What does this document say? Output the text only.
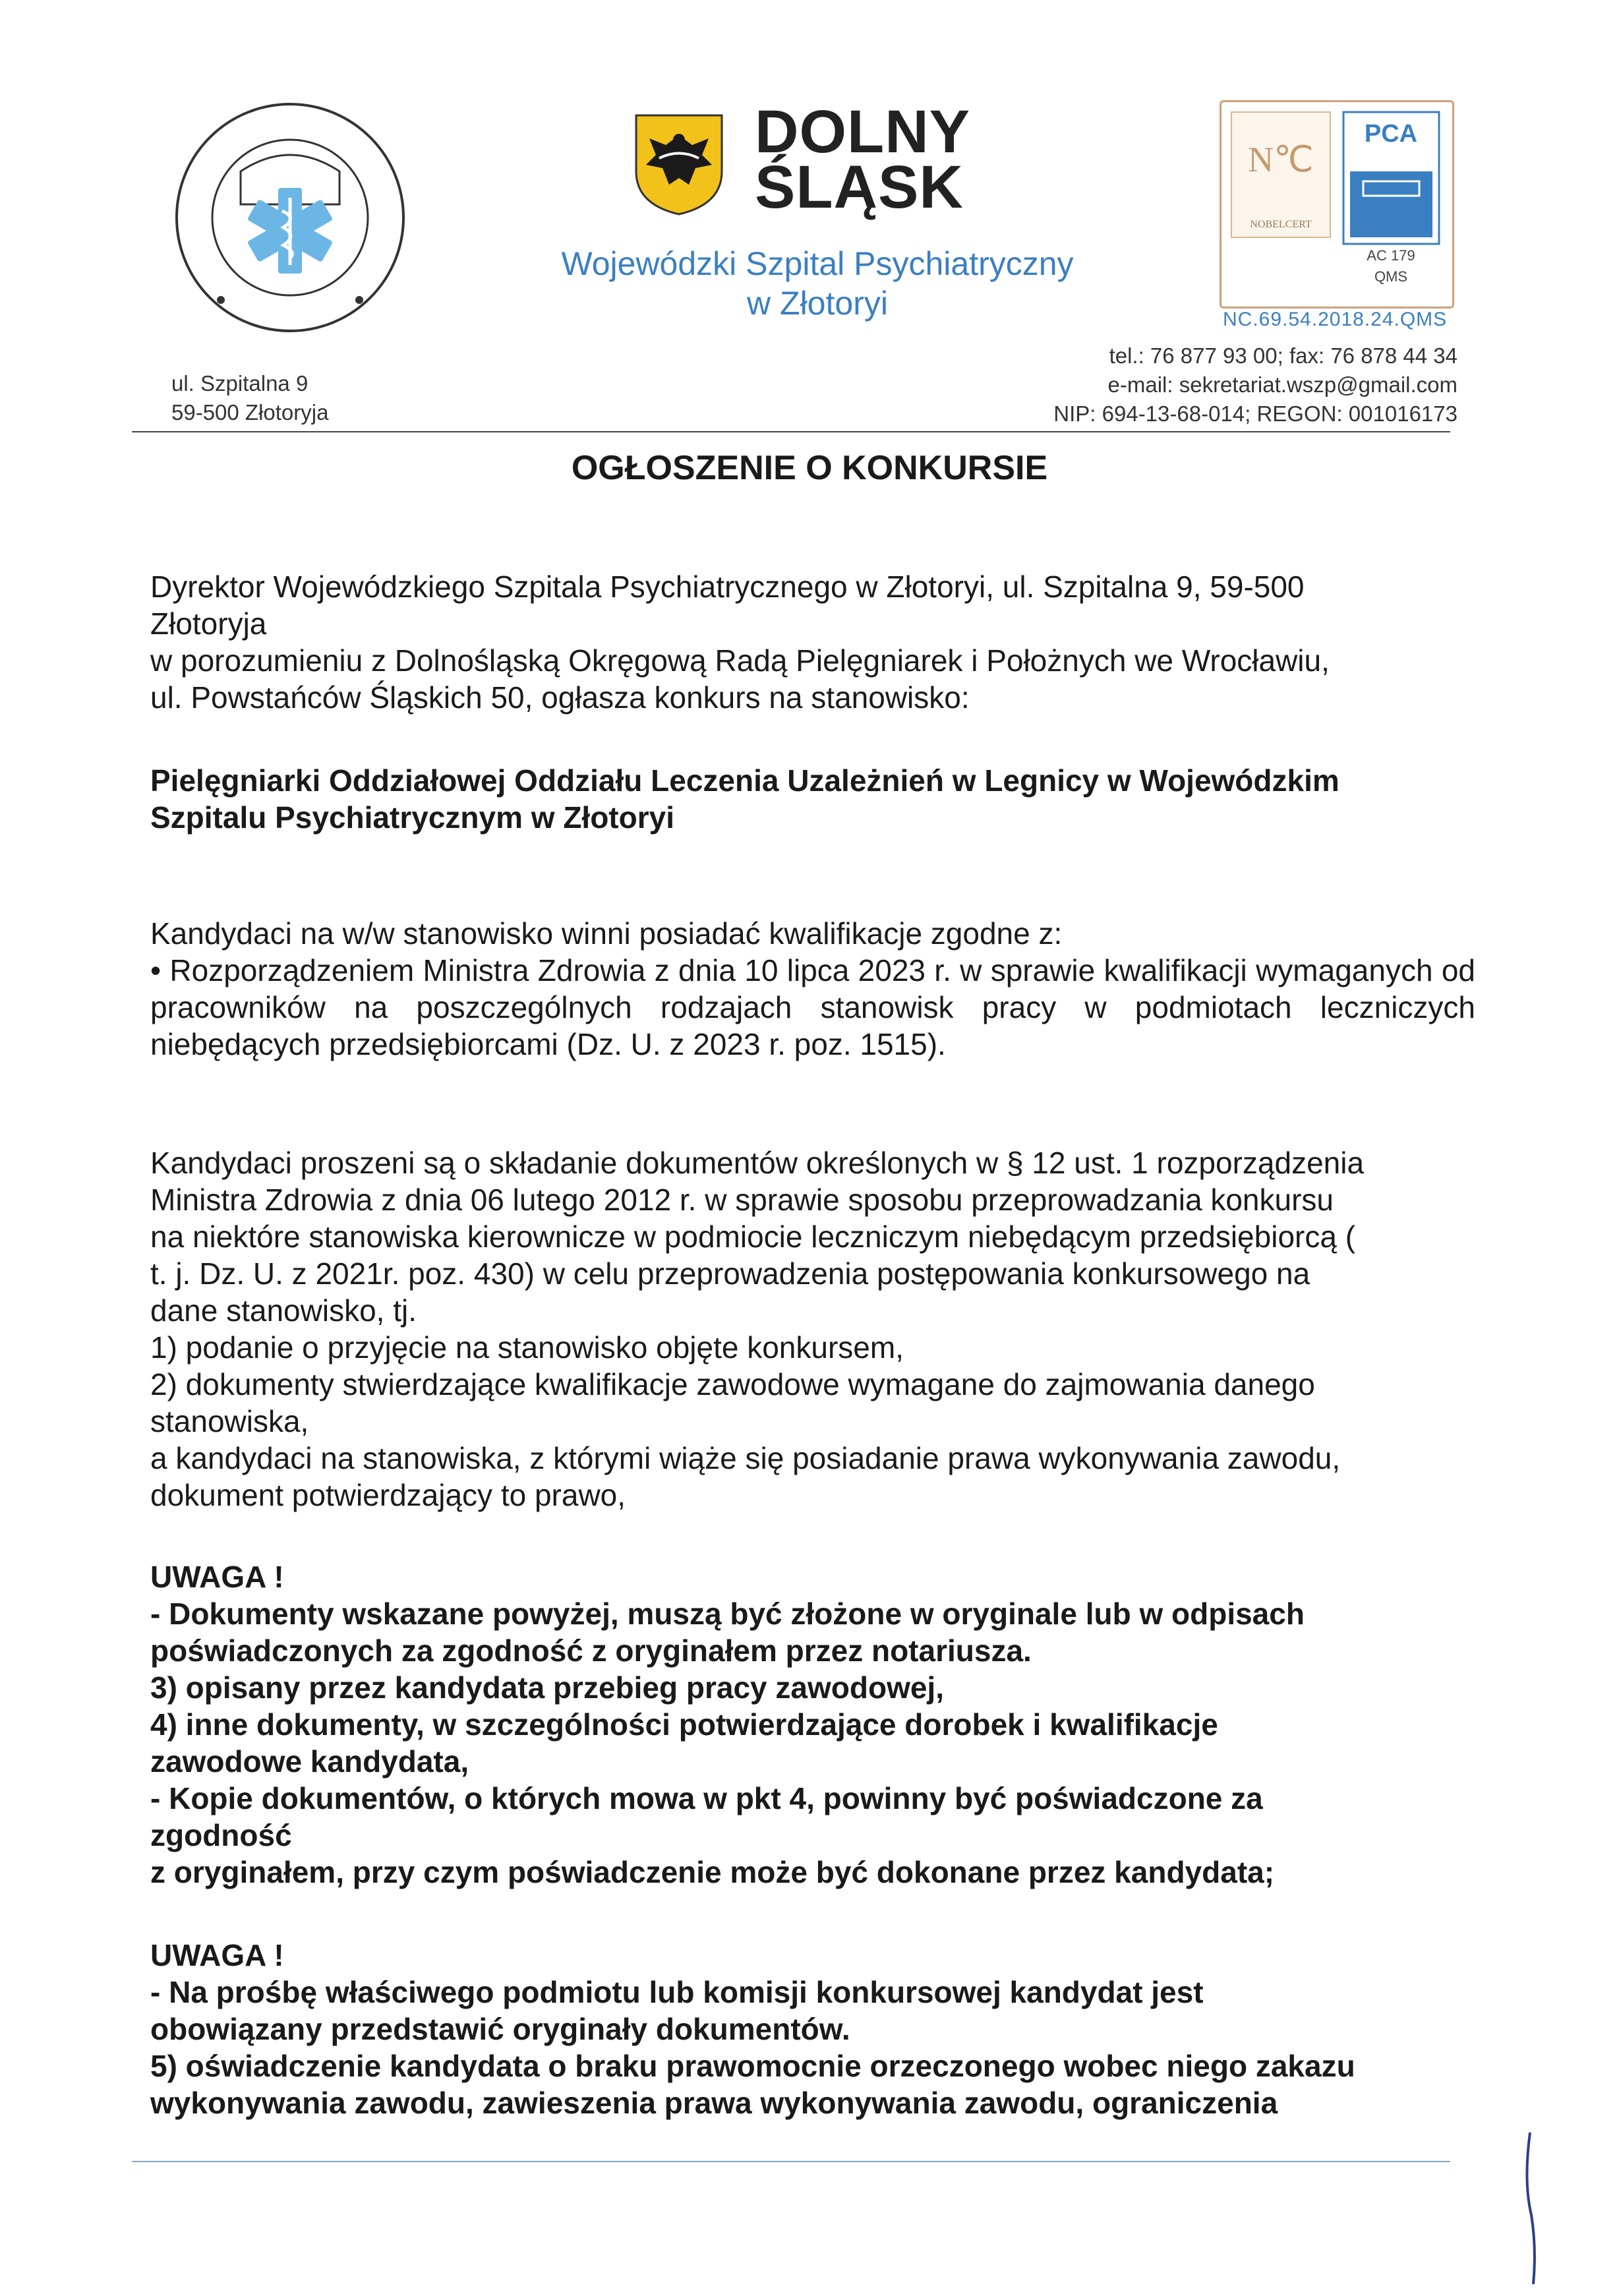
ul. Szpitalna 9
59-500 Złotoryja
DOLNY
ŚLĄSK
Wojewódzki Szpital Psychiatryczny
w Złotoryi
N℃
NOBELCERT
PCA
AC 179
QMS
NC.69.54.2018.24.QMS
tel.: 76 877 93 00; fax: 76 878 44 34
e-mail: sekretariat.wszp@gmail.com
NIP: 694-13-68-014; REGON: 001016173
OGŁOSZENIE O KONKURSIE

Dyrektor Wojewódzkiego Szpitala Psychiatrycznego w Złotoryi, ul. Szpitalna 9, 59-500

Złotoryja

w porozumieniu z Dolnośląską Okręgową Radą Pielęgniarek i Położnych we Wrocławiu,

ul. Powstańców Śląskich 50, ogłasza konkurs na stanowisko:

Pielęgniarki Oddziałowej Oddziału Leczenia Uzależnień w Legnicy w Wojewódzkim

Szpitalu Psychiatrycznym w Złotoryi

Kandydaci na w/w stanowisko winni posiadać kwalifikacje zgodne z:

• Rozporządzeniem Ministra Zdrowia z dnia 10 lipca 2023 r. w sprawie kwalifikacji wymaganych od pracowników na poszczególnych rodzajach stanowisk pracy w podmiotach leczniczych niebędących przedsiębiorcami (Dz. U. z 2023 r. poz. 1515).

Kandydaci proszeni są o składanie dokumentów określonych w § 12 ust. 1 rozporządzenia

Ministra Zdrowia z dnia 06 lutego 2012 r. w sprawie sposobu przeprowadzania konkursu

na niektóre stanowiska kierownicze w podmiocie leczniczym niebędącym przedsiębiorcą (

t. j. Dz. U. z 2021r. poz. 430) w celu przeprowadzenia postępowania konkursowego na

dane stanowisko, tj.

1) podanie o przyjęcie na stanowisko objęte konkursem,

2) dokumenty stwierdzające kwalifikacje zawodowe wymagane do zajmowania danego

stanowiska,

a kandydaci na stanowiska, z którymi wiąże się posiadanie prawa wykonywania zawodu,

dokument potwierdzający to prawo,

UWAGA !

- Dokumenty wskazane powyżej, muszą być złożone w oryginale lub w odpisach

poświadczonych za zgodność z oryginałem przez notariusza.

3) opisany przez kandydata przebieg pracy zawodowej,

4) inne dokumenty, w szczególności potwierdzające dorobek i kwalifikacje

zawodowe kandydata,

- Kopie dokumentów, o których mowa w pkt 4, powinny być poświadczone za

zgodność

z oryginałem, przy czym poświadczenie może być dokonane przez kandydata;

UWAGA !

- Na prośbę właściwego podmiotu lub komisji konkursowej kandydat jest

obowiązany przedstawić oryginały dokumentów.

5) oświadczenie kandydata o braku prawomocnie orzeczonego wobec niego zakazu

wykonywania zawodu, zawieszenia prawa wykonywania zawodu, ograniczenia
